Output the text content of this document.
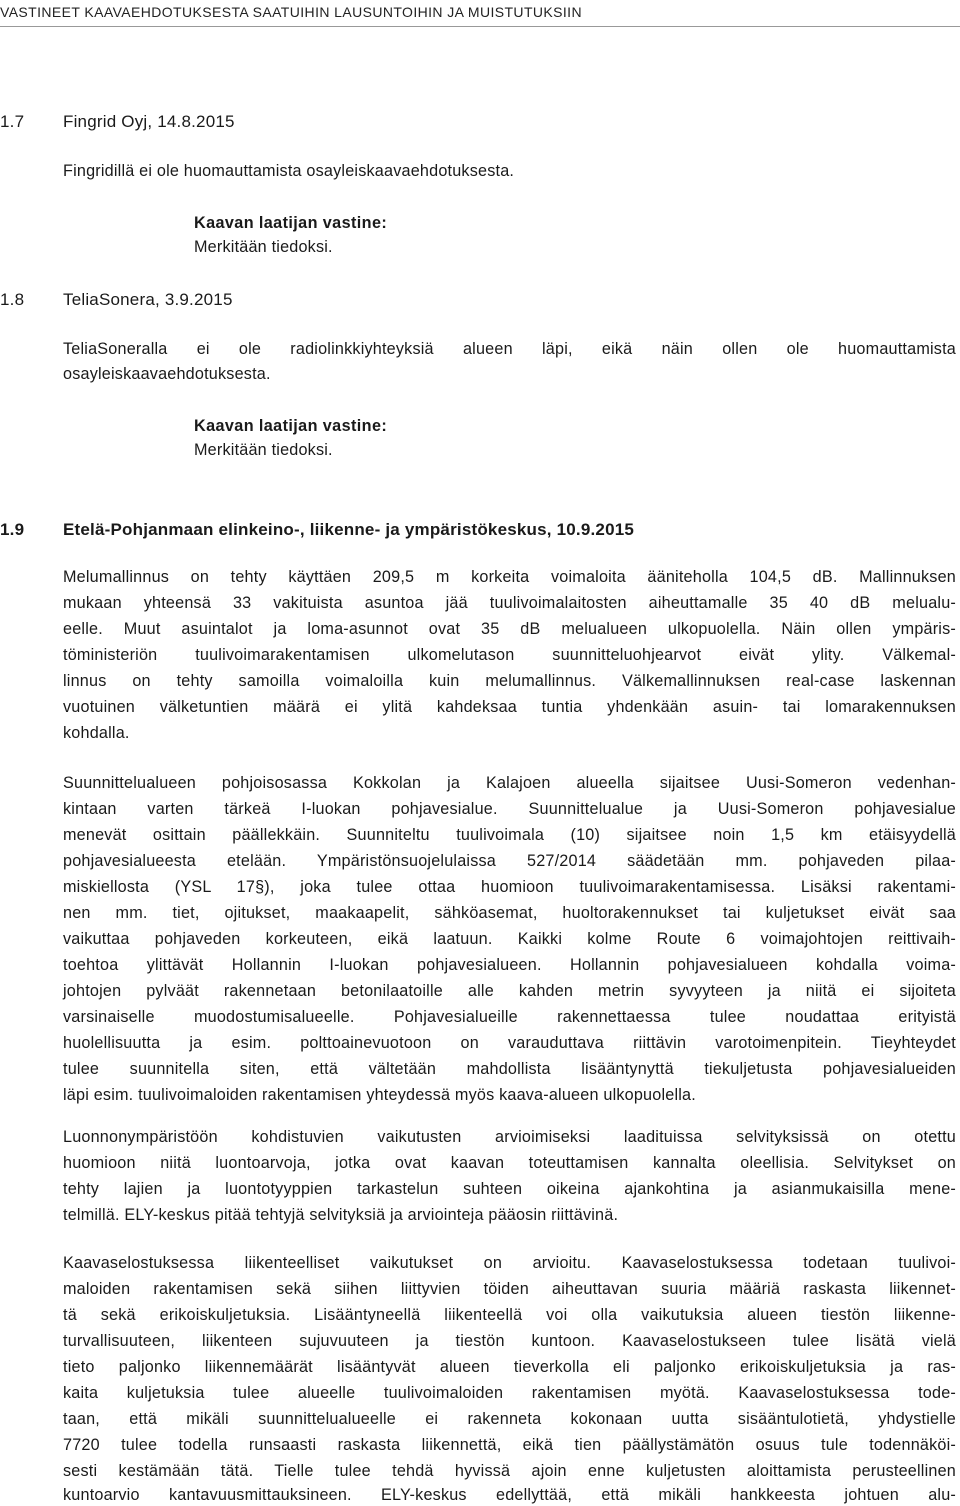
VASTINEET KAAVAEHDOTUKSESTA SAATUIHIN LAUSUNTOIHIN JA MUISTUTUKSIIN
1.7 Fingrid Oyj, 14.8.2015
Fingridillä ei ole huomauttamista osayleiskaavaehdotuksesta.
Kaavan laatijan vastine:
Merkitään tiedoksi.
1.8 TeliaSonera, 3.9.2015
TeliaSoneralla ei ole radiolinkkiyhteyksiä alueen läpi, eikä näin ollen ole huomauttamista
osayleiskaavaehdotuksesta.
Kaavan laatijan vastine:
Merkitään tiedoksi.
1.9 Etelä-Pohjanmaan elinkeino-, liikenne- ja ympäristökeskus, 10.9.2015
Melumallinnus on tehty käyttäen 209,5 m korkeita voimaloita ääniteholla 104,5 dB. Mallinnuksen
mukaan yhteensä 33 vakituista asuntoa jää tuulivoimalaitosten aiheuttamalle 35 40 dB melualu-
eelle. Muut asuintalot ja loma-asunnot ovat 35 dB melualueen ulkopuolella. Näin ollen ympäris-
töministeriön tuulivoimarakentamisen ulkomelutason suunnitteluohjearvot eivät ylity. Välkemal-
linnus on tehty samoilla voimaloilla kuin melumallinnus. Välkemallinnuksen real-case laskennan
vuotuinen välketuntien määrä ei ylitä kahdeksaa tuntia yhdenkään asuin- tai lomarakennuksen
kohdalla.
Suunnittelualueen pohjoisosassa Kokkolan ja Kalajoen alueella sijaitsee Uusi-Someron vedenhan-
kintaan varten tärkeä I-luokan pohjavesialue. Suunnittelualue ja Uusi-Someron pohjavesialue
menevät osittain päällekkäin. Suunniteltu tuulivoimala (10) sijaitsee noin 1,5 km etäisyydellä
pohjavesialueesta etelään. Ympäristönsuojelulaissa 527/2014 säädetään mm. pohjaveden pilaa-
miskiellosta (YSL 17§), joka tulee ottaa huomioon tuulivoimarakentamisessa. Lisäksi rakentami-
nen mm. tiet, ojitukset, maakaapelit, sähköasemat, huoltorakennukset tai kuljetukset eivät saa
vaikuttaa pohjaveden korkeuteen, eikä laatuun. Kaikki kolme Route 6 voimajohtojen reittivaih-
toehtoa ylittävät Hollannin I-luokan pohjavesialueen. Hollannin pohjavesialueen kohdalla voima-
johtojen pylväät rakennetaan betonilaatoille alle kahden metrin syvyyteen ja niitä ei sijoiteta
varsinaiselle muodostumisalueelle. Pohjavesialueille rakennettaessa tulee noudattaa erityistä
huolellisuutta ja esim. polttoainevuotoon on varauduttava riittävin varotoimenpitein. Tieyhteydet
tulee suunnitella siten, että vältetään mahdollista lisääntynyttä tiekuljetusta pohjavesialueiden
läpi esim. tuulivoimaloiden rakentamisen yhteydessä myös kaava-alueen ulkopuolella.
Luonnonympäristöön kohdistuvien vaikutusten arvioimiseksi laadituissa selvityksissä on otettu
huomioon niitä luontoarvoja, jotka ovat kaavan toteuttamisen kannalta oleellisia. Selvitykset on
tehty lajien ja luontotyyppien tarkastelun suhteen oikeina ajankohtina ja asianmukaisilla mene-
telmillä. ELY-keskus pitää tehtyjä selvityksiä ja arviointeja pääosin riittävinä.
Kaavaselostuksessa liikenteelliset vaikutukset on arvioitu. Kaavaselostuksessa todetaan tuulivoi-
maloiden rakentamisen sekä siihen liittyvien töiden aiheuttavan suuria määriä raskasta liikennet-
tä sekä erikoiskuljetuksia. Lisääntyneellä liikenteellä voi olla vaikutuksia alueen tiestön liikenne-
turvallisuuteen, liikenteen sujuvuuteen ja tiestön kuntoon. Kaavaselostukseen tulee lisätä vielä
tieto paljonko liikennemäärät lisääntyvät alueen tieverkolla eli paljonko erikoiskuljetuksia ja ras-
kaita kuljetuksia tulee alueelle tuulivoimaloiden rakentamisen myötä. Kaavaselostuksessa tode-
taan, että mikäli suunnittelualueelle ei rakenneta kokonaan uutta sisääntulotietä, yhdystielle
7720 tulee todella runsaasti raskasta liikennettä, eikä tien päällystämätön osuus tule todennäköi-
sesti kestämään tätä. Tielle tulee tehdä hyvissä ajoin enne kuljetusten aloittamista perusteellinen
kuntoarvio kantavuusmittauksineen. ELY-keskus edellyttää, että mikäli hankkeesta johtuen alu-
